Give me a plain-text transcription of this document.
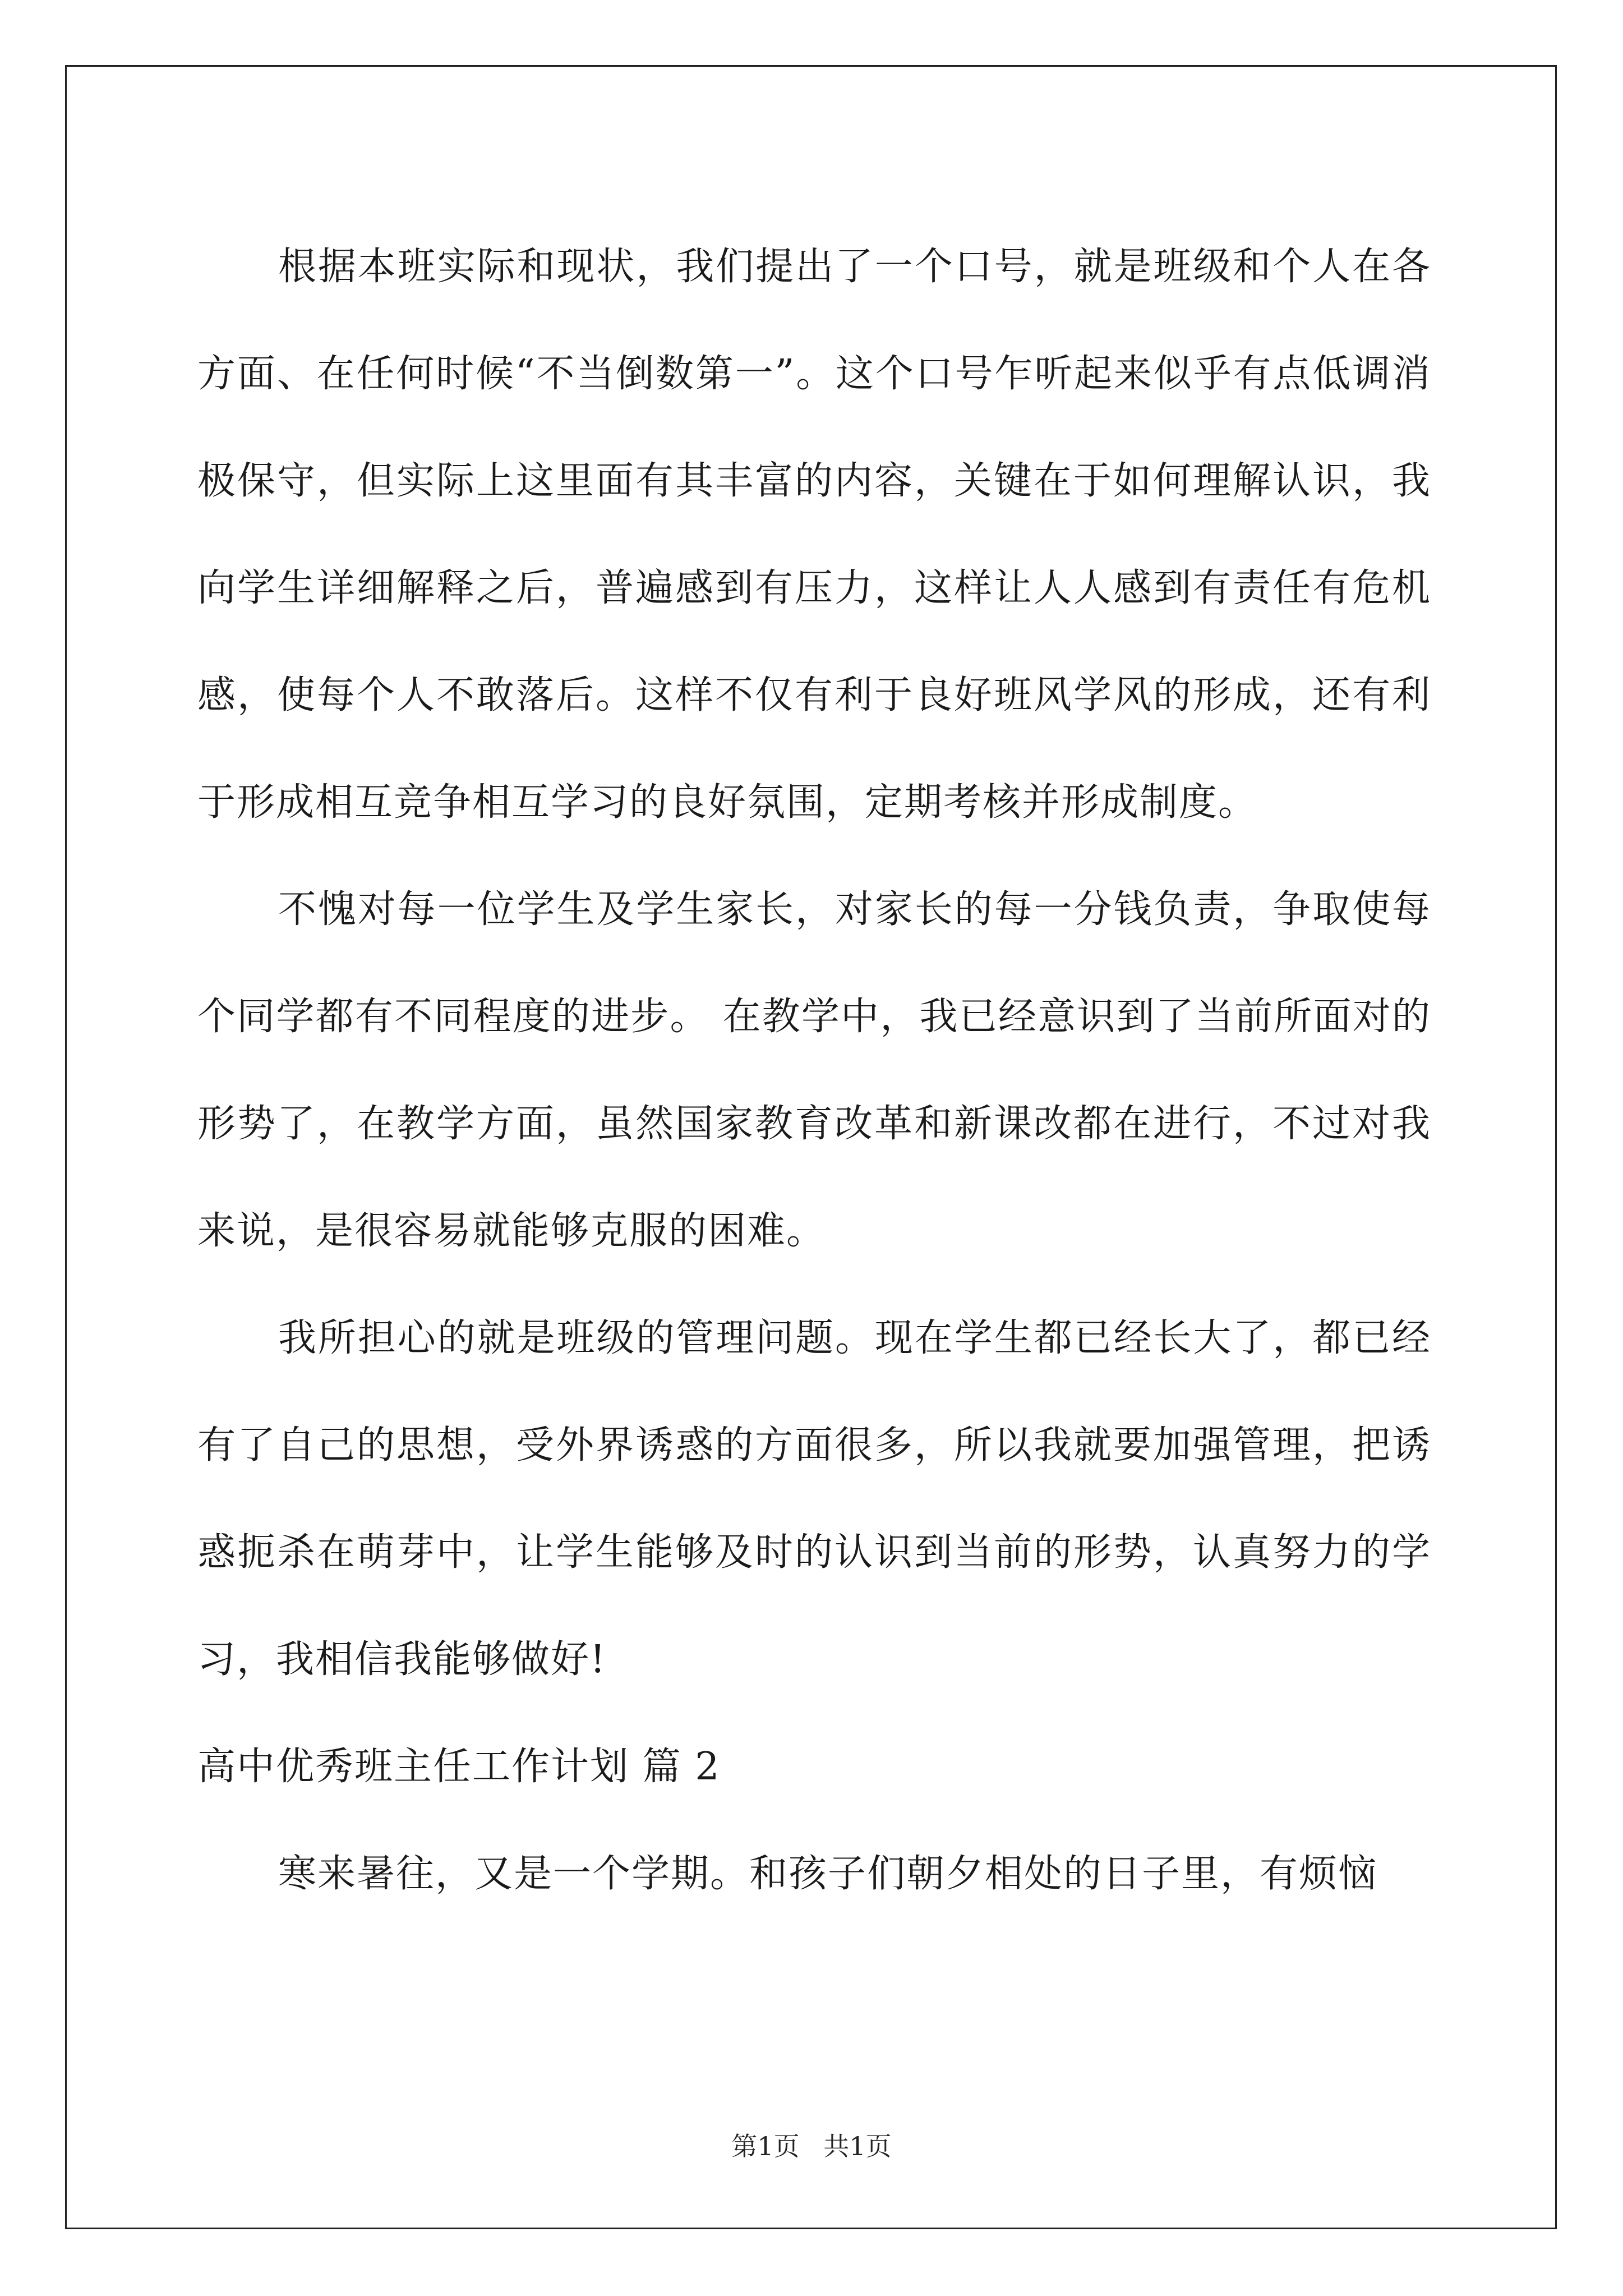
根据本班实际和现状，我们提出了一个口号，就是班级和个人在各方面、在任何时候“不当倒数第一”。这个口号乍听起来似乎有点低调消极保守，但实际上这里面有其丰富的内容，关键在于如何理解认识，我向学生详细解释之后，普遍感到有压力，这样让人人感到有责任有危机感，使每个人不敢落后。这样不仅有利于良好班风学风的形成，还有利于形成相互竞争相互学习的良好氛围，定期考核并形成制度。

不愧对每一位学生及学生家长，对家长的每一分钱负责，争取使每个同学都有不同程度的进步。 在教学中，我已经意识到了当前所面对的形势了，在教学方面，虽然国家教育改革和新课改都在进行，不过对我来说，是很容易就能够克服的困难。

我所担心的就是班级的管理问题。现在学生都已经长大了，都已经有了自己的思想，受外界诱惑的方面很多，所以我就要加强管理，把诱惑扼杀在萌芽中，让学生能够及时的认识到当前的形势，认真努力的学习，我相信我能够做好!

高中优秀班主任工作计划 篇 2

寒来暑往，又是一个学期。和孩子们朝夕相处的日子里，有烦恼

第1页 共1页
